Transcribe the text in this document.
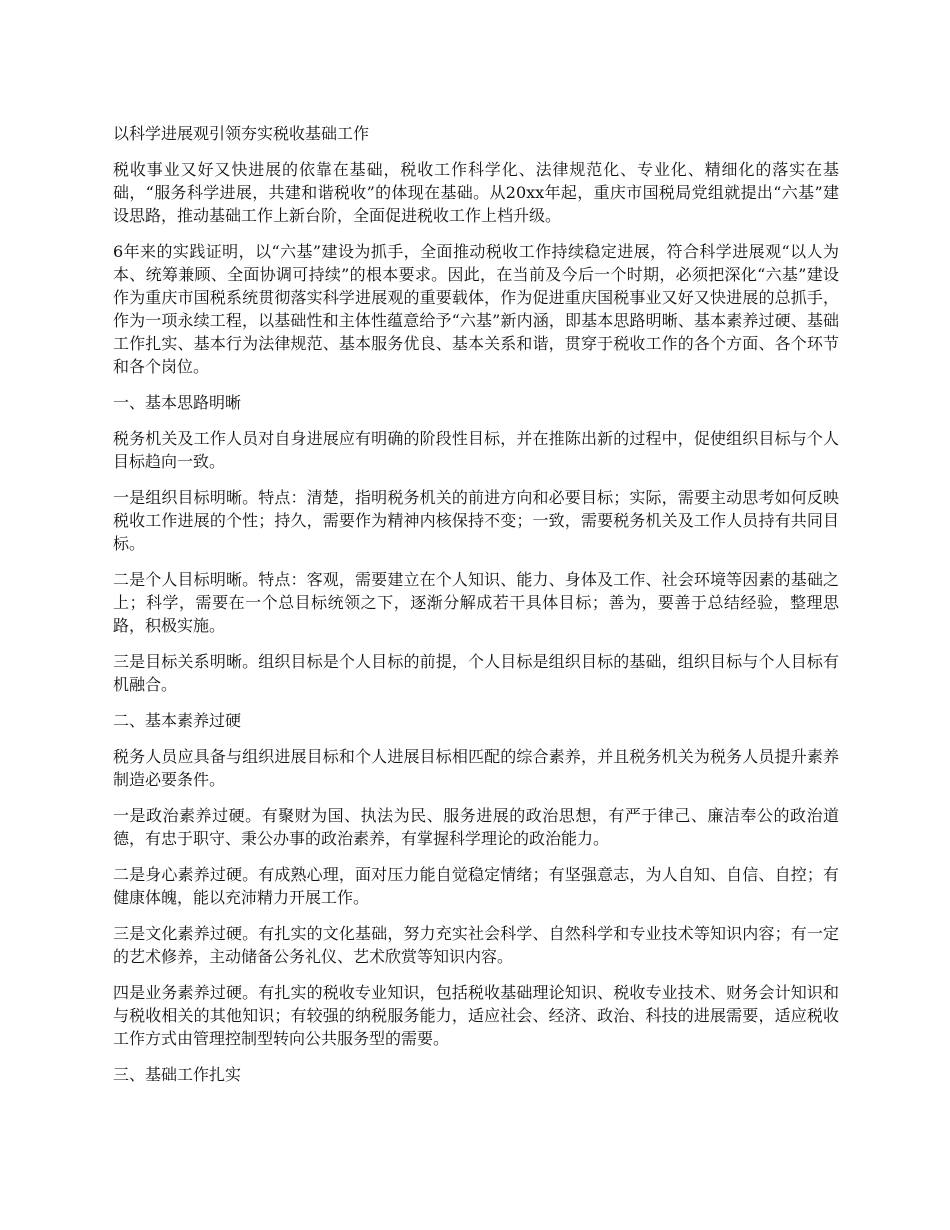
以科学进展观引领夯实税收基础工作

税收事业又好又快进展的依靠在基础，税收工作科学化、法律规范化、专业化、精细化的落实在基础，“服务科学进展，共建和谐税收”的体现在基础。从20xx年起，重庆市国税局党组就提出“六基”建设思路，推动基础工作上新台阶，全面促进税收工作上档升级。

6年来的实践证明，以“六基”建设为抓手，全面推动税收工作持续稳定进展，符合科学进展观“以人为本、统筹兼顾、全面协调可持续”的根本要求。因此，在当前及今后一个时期，必须把深化“六基”建设作为重庆市国税系统贯彻落实科学进展观的重要载体，作为促进重庆国税事业又好又快进展的总抓手，作为一项永续工程，以基础性和主体性蕴意给予“六基”新内涵，即基本思路明晰、基本素养过硬、基础工作扎实、基本行为法律规范、基本服务优良、基本关系和谐，贯穿于税收工作的各个方面、各个环节和各个岗位。

一、基本思路明晰

税务机关及工作人员对自身进展应有明确的阶段性目标，并在推陈出新的过程中，促使组织目标与个人目标趋向一致。

一是组织目标明晰。特点：清楚，指明税务机关的前进方向和必要目标；实际，需要主动思考如何反映税收工作进展的个性；持久，需要作为精神内核保持不变；一致，需要税务机关及工作人员持有共同目标。

二是个人目标明晰。特点：客观，需要建立在个人知识、能力、身体及工作、社会环境等因素的基础之上；科学，需要在一个总目标统领之下，逐渐分解成若干具体目标；善为，要善于总结经验，整理思路，积极实施。

三是目标关系明晰。组织目标是个人目标的前提，个人目标是组织目标的基础，组织目标与个人目标有机融合。

二、基本素养过硬

税务人员应具备与组织进展目标和个人进展目标相匹配的综合素养，并且税务机关为税务人员提升素养制造必要条件。

一是政治素养过硬。有聚财为国、执法为民、服务进展的政治思想，有严于律己、廉洁奉公的政治道德，有忠于职守、秉公办事的政治素养，有掌握科学理论的政治能力。

二是身心素养过硬。有成熟心理，面对压力能自觉稳定情绪；有坚强意志，为人自知、自信、自控；有健康体魄，能以充沛精力开展工作。

三是文化素养过硬。有扎实的文化基础，努力充实社会科学、自然科学和专业技术等知识内容；有一定的艺术修养，主动储备公务礼仪、艺术欣赏等知识内容。

四是业务素养过硬。有扎实的税收专业知识，包括税收基础理论知识、税收专业技术、财务会计知识和与税收相关的其他知识；有较强的纳税服务能力，适应社会、经济、政治、科技的进展需要，适应税收工作方式由管理控制型转向公共服务型的需要。

三、基础工作扎实
